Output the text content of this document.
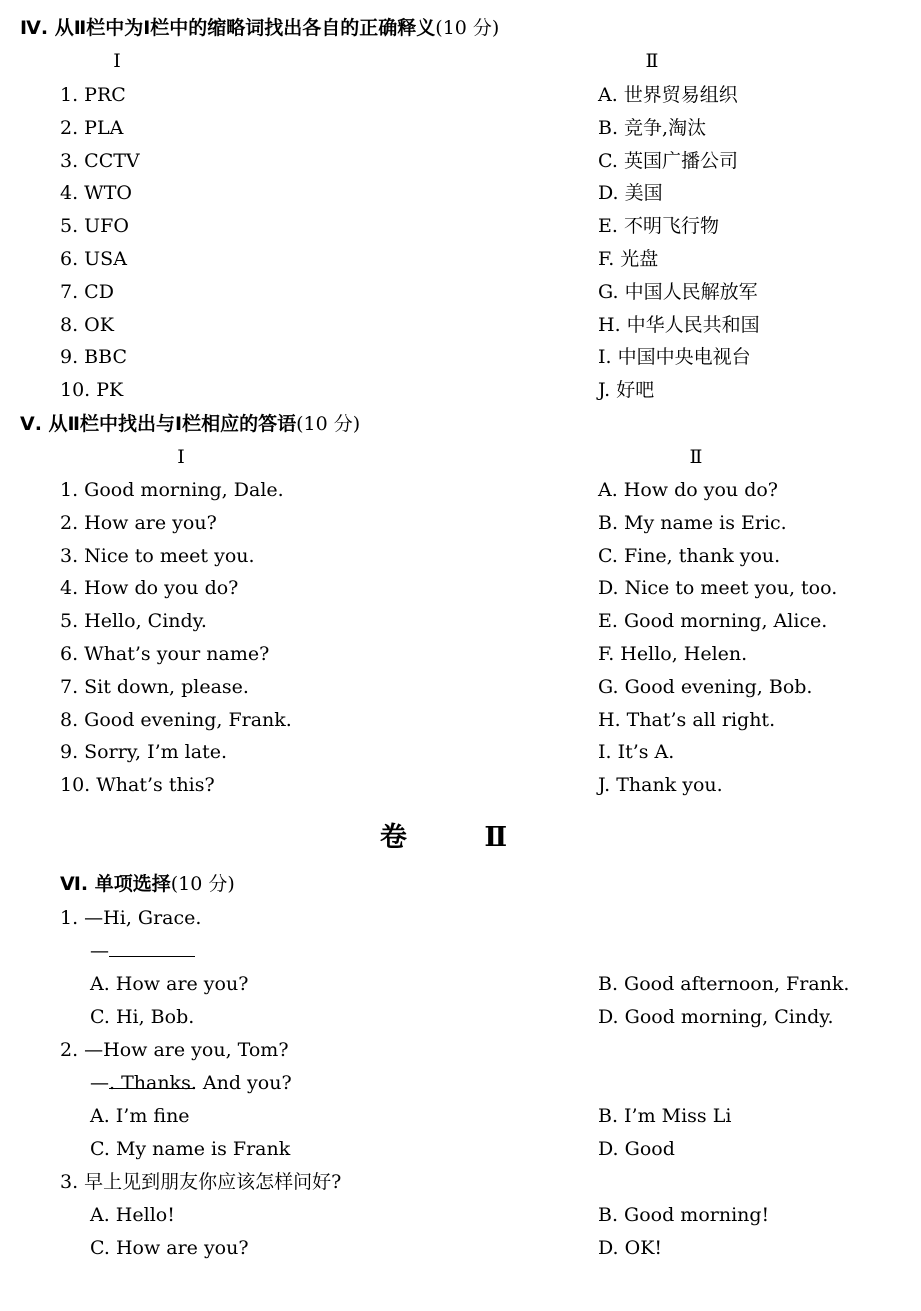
Ⅳ. 从Ⅱ栏中为Ⅰ栏中的缩略词找出各自的正确释义(10 分)
Ⅰ	Ⅱ
1. PRC	A. 世界贸易组织
2. PLA	B. 竞争,淘汰
3. CCTV	C. 英国广播公司
4. WTO	D. 美国
5. UFO	E. 不明飞行物
6. USA	F. 光盘
7. CD	G. 中国人民解放军
8. OK	H. 中华人民共和国
9. BBC	I. 中国中央电视台
10. PK	J. 好吧
Ⅴ. 从Ⅱ栏中找出与Ⅰ栏相应的答语(10 分)
Ⅰ	Ⅱ
1. Good morning, Dale.	A. How do you do?
2. How are you?	B. My name is Eric.
3. Nice to meet you.	C. Fine, thank you.
4. How do you do?	D. Nice to meet you, too.
5. Hello, Cindy.	E. Good morning, Alice.
6. What’s your name?	F. Hello, Helen.
7. Sit down, please.	G. Good evening, Bob.
8. Good evening, Frank.	H. That’s all right.
9. Sorry, I’m late.	I. It’s A.
10. What’s this?	J. Thank you.
卷 Ⅱ
Ⅵ. 单项选择(10 分)
1. —Hi, Grace.
—
A. How are you?	B. Good afternoon, Frank.
C. Hi, Bob.	D. Good morning, Cindy.
2. —How are you, Tom?
—
. Thanks. And you?
A. I’m fine	B. I’m Miss Li
C. My name is Frank	D. Good
3. 早上见到朋友你应该怎样问好?
A. Hello!	B. Good morning!
C. How are you?	D. OK!
